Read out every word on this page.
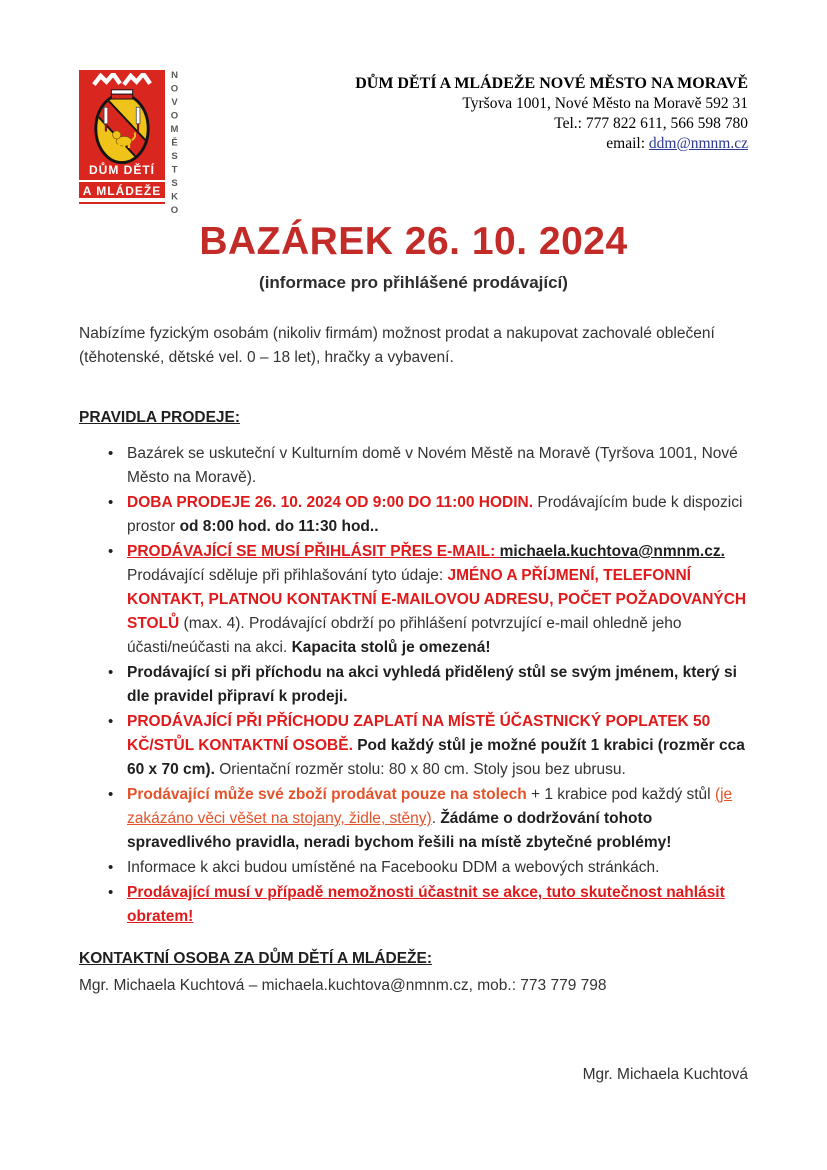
DŮM DĚTÍ
A MLÁDEŽE NOVOMĚSTSKO	DŮM DĚTÍ A MLÁDEŽE NOVÉ MĚSTO NA MORAVĚ
Tyršova 1001, Nové Město na Moravě 592 31
Tel.: 777 822 611, 566 598 780
email: ddm@nmnm.cz
BAZÁREK 26. 10. 2024
(informace pro přihlášené prodávající)

Nabízíme fyzickým osobám (nikoliv firmám) možnost prodat a nakupovat zachovalé oblečení (těhotenské, dětské vel. 0 – 18 let), hračky a vybavení.

PRAVIDLA PRODEJE:
• Bazárek se uskuteční v Kulturním domě v Novém Městě na Moravě (Tyršova 1001, Nové Město na Moravě).
• DOBA PRODEJE 26. 10. 2024 OD 9:00 DO 11:00 HODIN. Prodávajícím bude k dispozici prostor od 8:00 hod. do 11:30 hod..
• PRODÁVAJÍCÍ SE MUSÍ PŘIHLÁSIT PŘES E-MAIL: michaela.kuchtova@nmnm.cz. Prodávající sděluje při přihlašování tyto údaje: JMÉNO A PŘÍJMENÍ, TELEFONNÍ KONTAKT, PLATNOU KONTAKTNÍ E-MAILOVOU ADRESU, POČET POŽADOVANÝCH STOLŮ (max. 4). Prodávající obdrží po přihlášení potvrzující e-mail ohledně jeho účasti/neúčasti na akci. Kapacita stolů je omezená!
• Prodávající si při příchodu na akci vyhledá přidělený stůl se svým jménem, který si dle pravidel připraví k prodeji.
• PRODÁVAJÍCÍ PŘI PŘÍCHODU ZAPLATÍ NA MÍSTĚ ÚČASTNICKÝ POPLATEK 50 KČ/STŮL KONTAKTNÍ OSOBĚ. Pod každý stůl je možné použít 1 krabici (rozměr cca 60 x 70 cm). Orientační rozměr stolu: 80 x 80 cm. Stoly jsou bez ubrusu.
• Prodávající může své zboží prodávat pouze na stolech + 1 krabice pod každý stůl (je zakázáno věci věšet na stojany, židle, stěny). Žádáme o dodržování tohoto spravedlivého pravidla, neradi bychom řešili na místě zbytečné problémy!
• Informace k akci budou umístěné na Facebooku DDM a webových stránkách.
• Prodávající musí v případě nemožnosti účastnit se akce, tuto skutečnost nahlásit obratem!
KONTAKTNÍ OSOBA ZA DŮM DĚTÍ A MLÁDEŽE:

Mgr. Michaela Kuchtová – michaela.kuchtova@nmnm.cz, mob.: 773 779 798

Mgr. Michaela Kuchtová
